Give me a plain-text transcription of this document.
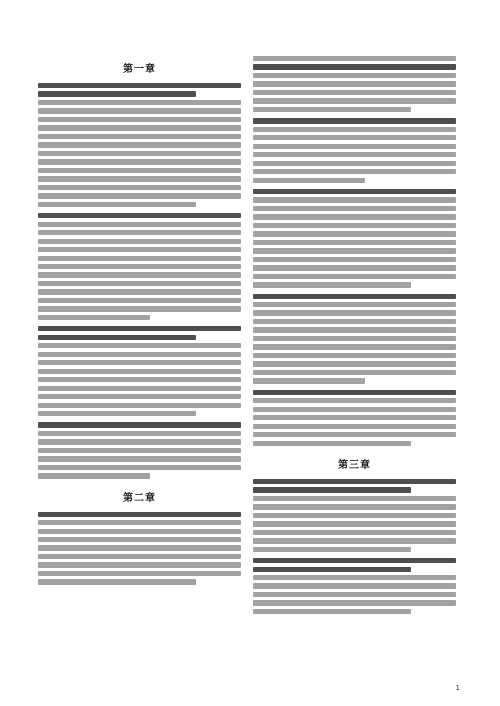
第一章
第二章
第三章
1
